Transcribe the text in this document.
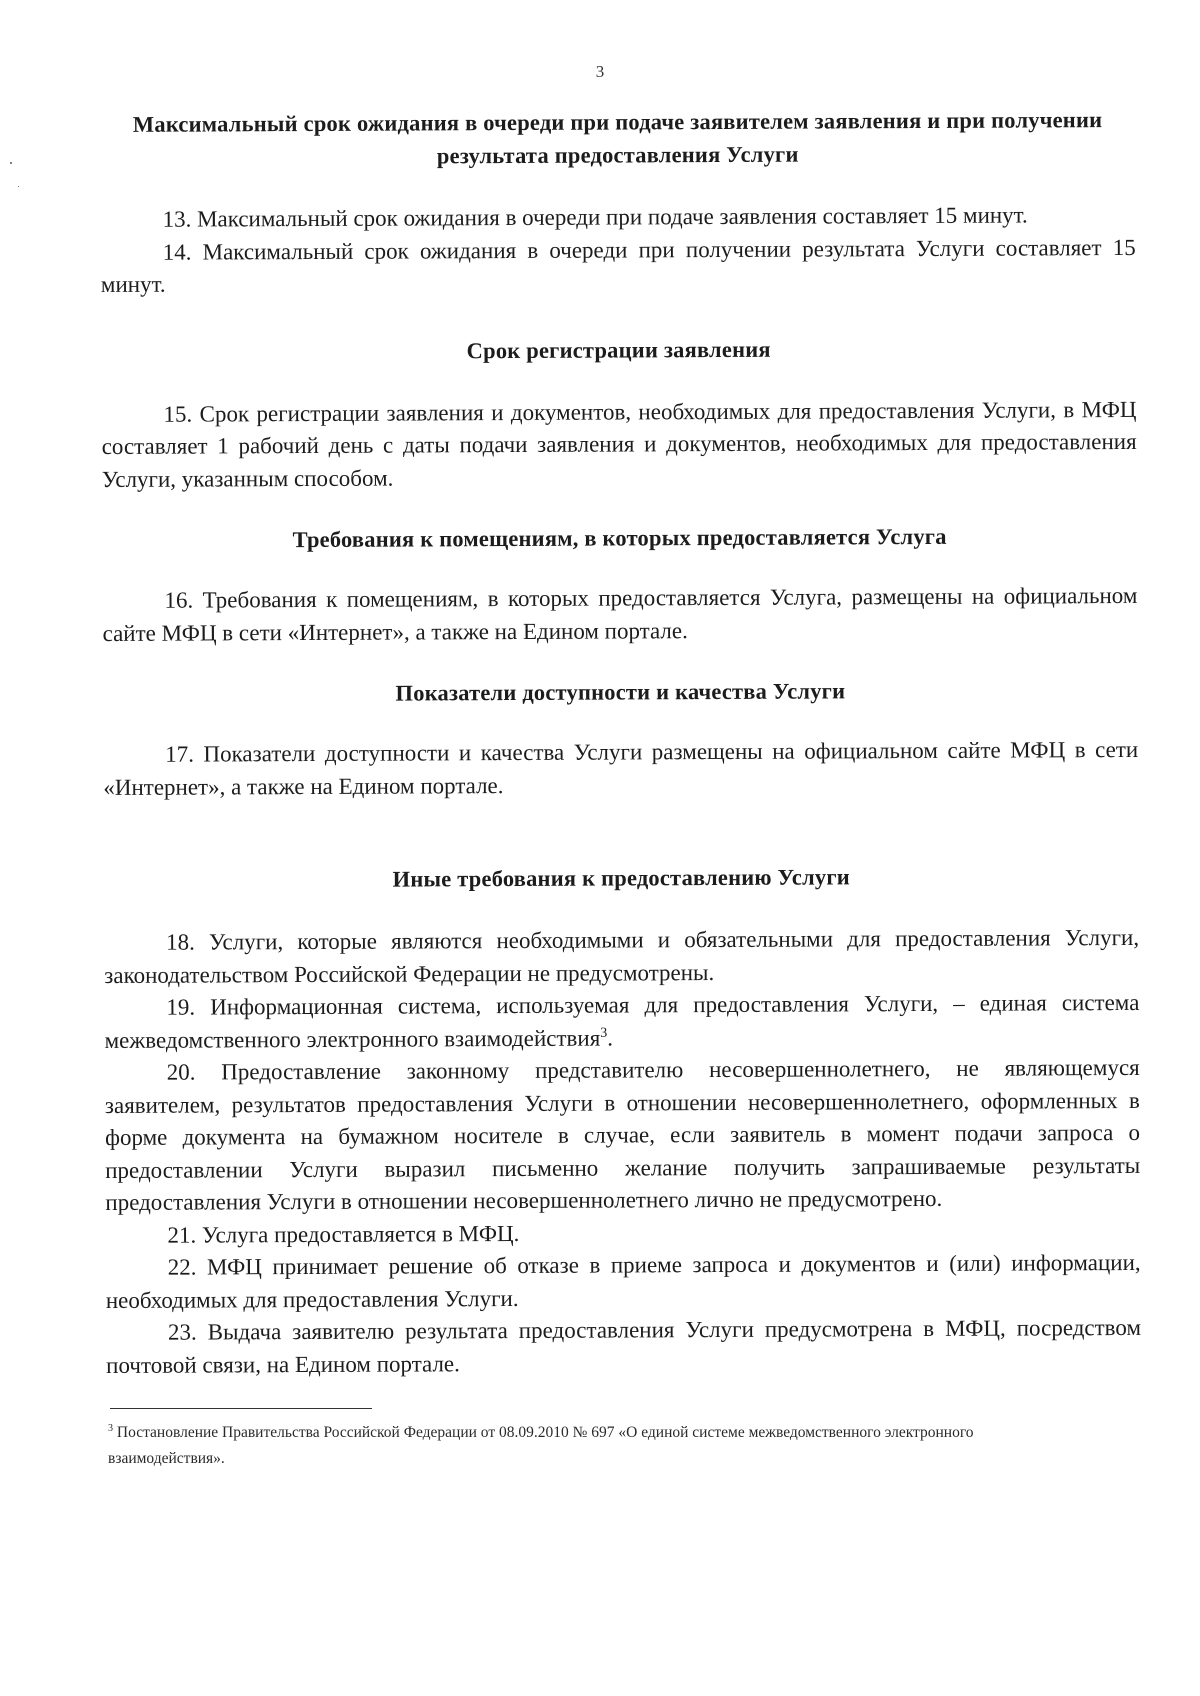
3
Максимальный срок ожидания в очереди при подаче заявителем заявления и при получении результата предоставления Услуги

13. Максимальный срок ожидания в очереди при подаче заявления составляет 15 минут.

14. Максимальный срок ожидания в очереди при получении результата Услуги составляет 15 минут.

Срок регистрации заявления

15. Срок регистрации заявления и документов, необходимых для предоставления Услуги, в МФЦ составляет 1 рабочий день с даты подачи заявления и документов, необходимых для предоставления Услуги, указанным способом.

Требования к помещениям, в которых предоставляется Услуга

16. Требования к помещениям, в которых предоставляется Услуга, размещены на официальном сайте МФЦ в сети «Интернет», а также на Едином портале.

Показатели доступности и качества Услуги

17. Показатели доступности и качества Услуги размещены на официальном сайте МФЦ в сети «Интернет», а также на Едином портале.

Иные требования к предоставлению Услуги

18. Услуги, которые являются необходимыми и обязательными для предоставления Услуги, законодательством Российской Федерации не предусмотрены.

19. Информационная система, используемая для предоставления Услуги, – единая система межведомственного электронного взаимодействия$^3$.

20. Предоставление законному представителю несовершеннолетнего, не являющемуся заявителем, результатов предоставления Услуги в отношении несовершеннолетнего, оформленных в форме документа на бумажном носителе в случае, если заявитель в момент подачи запроса о предоставлении Услуги выразил письменно желание получить запрашиваемые результаты предоставления Услуги в отношении несовершеннолетнего лично не предусмотрено.

21. Услуга предоставляется в МФЦ.

22. МФЦ принимает решение об отказе в приеме запроса и документов и (или) информации, необходимых для предоставления Услуги.

23. Выдача заявителю результата предоставления Услуги предусмотрена в МФЦ, посредством почтовой связи, на Едином портале.

$^3$ Постановление Правительства Российской Федерации от 08.09.2010 № 697 «О единой системе межведомственного электронного взаимодействия».
